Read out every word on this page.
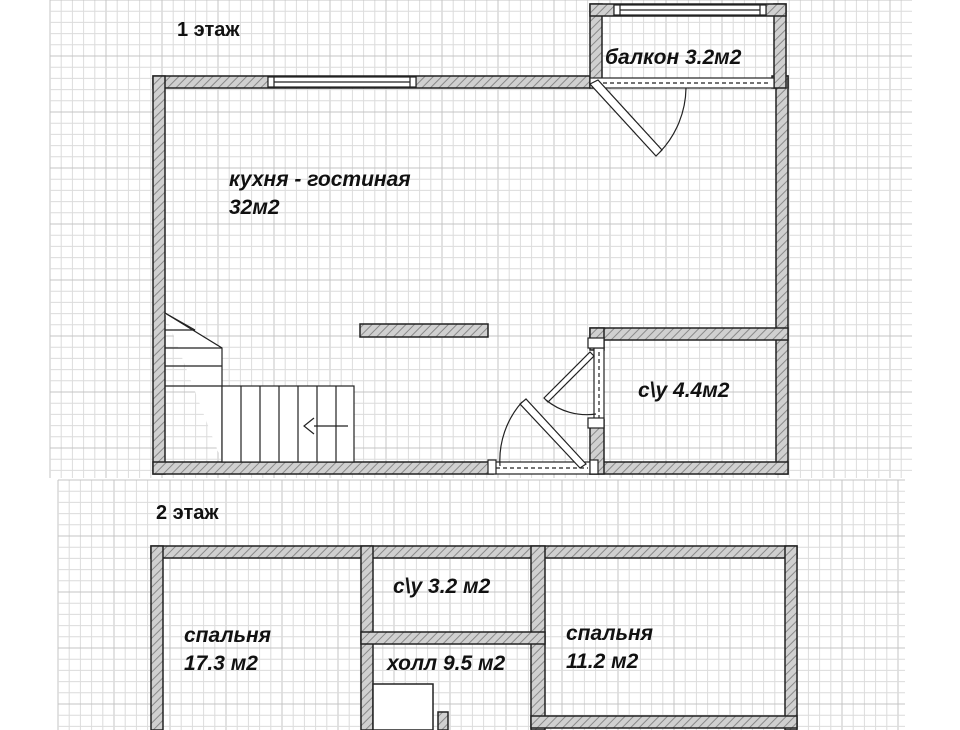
1 этаж
2 этаж
балкон 3.2м2
кухня - гостиная
32м2
с\у 4.4м2
с\у 3.2 м2
спальня
17.3 м2	холл 9.5 м2
спальня
11.2 м2
